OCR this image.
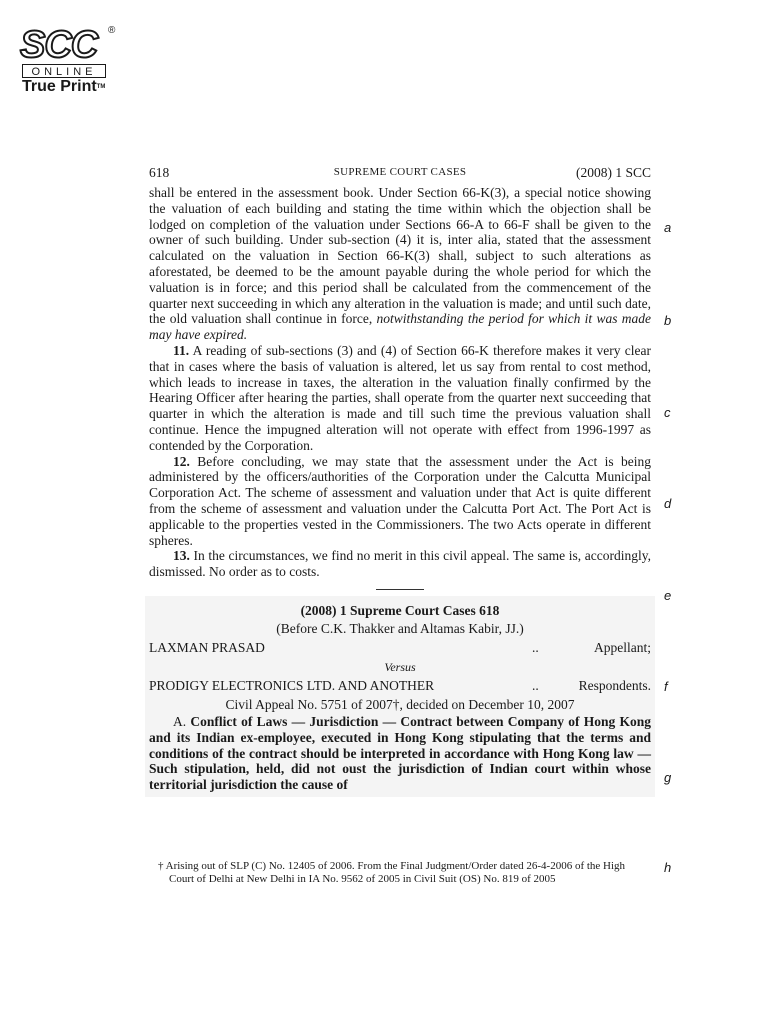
SCC ®
ONLINE
True Print™
618	SUPREME COURT CASES	(2008) 1 SCC

shall be entered in the assessment book. Under Section 66-K(3), a special notice showing the valuation of each building and stating the time within which the objection shall be lodged on completion of the valuation under Sections 66-A to 66-F shall be given to the owner of such building. Under sub-section (4) it is, inter alia, stated that the assessment calculated on the valuation in Section 66-K(3) shall, subject to such alterations as aforestated, be deemed to be the amount payable during the whole period for which the valuation is in force; and this period shall be calculated from the commencement of the quarter next succeeding in which any alteration in the valuation is made; and until such date, the old valuation shall continue in force, notwithstanding the period for which it was made may have expired.

11. A reading of sub-sections (3) and (4) of Section 66-K therefore makes it very clear that in cases where the basis of valuation is altered, let us say from rental to cost method, which leads to increase in taxes, the alteration in the valuation finally confirmed by the Hearing Officer after hearing the parties, shall operate from the quarter next succeeding that quarter in which the alteration is made and till such time the previous valuation shall continue. Hence the impugned alteration will not operate with effect from 1996-1997 as contended by the Corporation.

12. Before concluding, we may state that the assessment under the Act is being administered by the officers/authorities of the Corporation under the Calcutta Municipal Corporation Act. The scheme of assessment and valuation under that Act is quite different from the scheme of assessment and valuation under the Calcutta Port Act. The Port Act is applicable to the properties vested in the Commissioners. The two Acts operate in different spheres.

13. In the circumstances, we find no merit in this civil appeal. The same is, accordingly, dismissed. No order as to costs.

(2008) 1 Supreme Court Cases 618
(Before C.K. Thakker and Altamas Kabir, JJ.)
LAXMAN PRASAD	..	Appellant;
Versus
PRODIGY ELECTRONICS LTD. AND ANOTHER	..	Respondents.
Civil Appeal No. 5751 of 2007†, decided on December 10, 2007

A. Conflict of Laws — Jurisdiction — Contract between Company of Hong Kong and its Indian ex-employee, executed in Hong Kong stipulating that the terms and conditions of the contract should be interpreted in accordance with Hong Kong law — Such stipulation, held, did not oust the jurisdiction of Indian court within whose territorial jurisdiction the cause of

† Arising out of SLP (C) No. 12405 of 2006. From the Final Judgment/Order dated 26-4-2006 of the High Court of Delhi at New Delhi in IA No. 9562 of 2005 in Civil Suit (OS) No. 819 of 2005
a
b
c
d
e
f
g
h
